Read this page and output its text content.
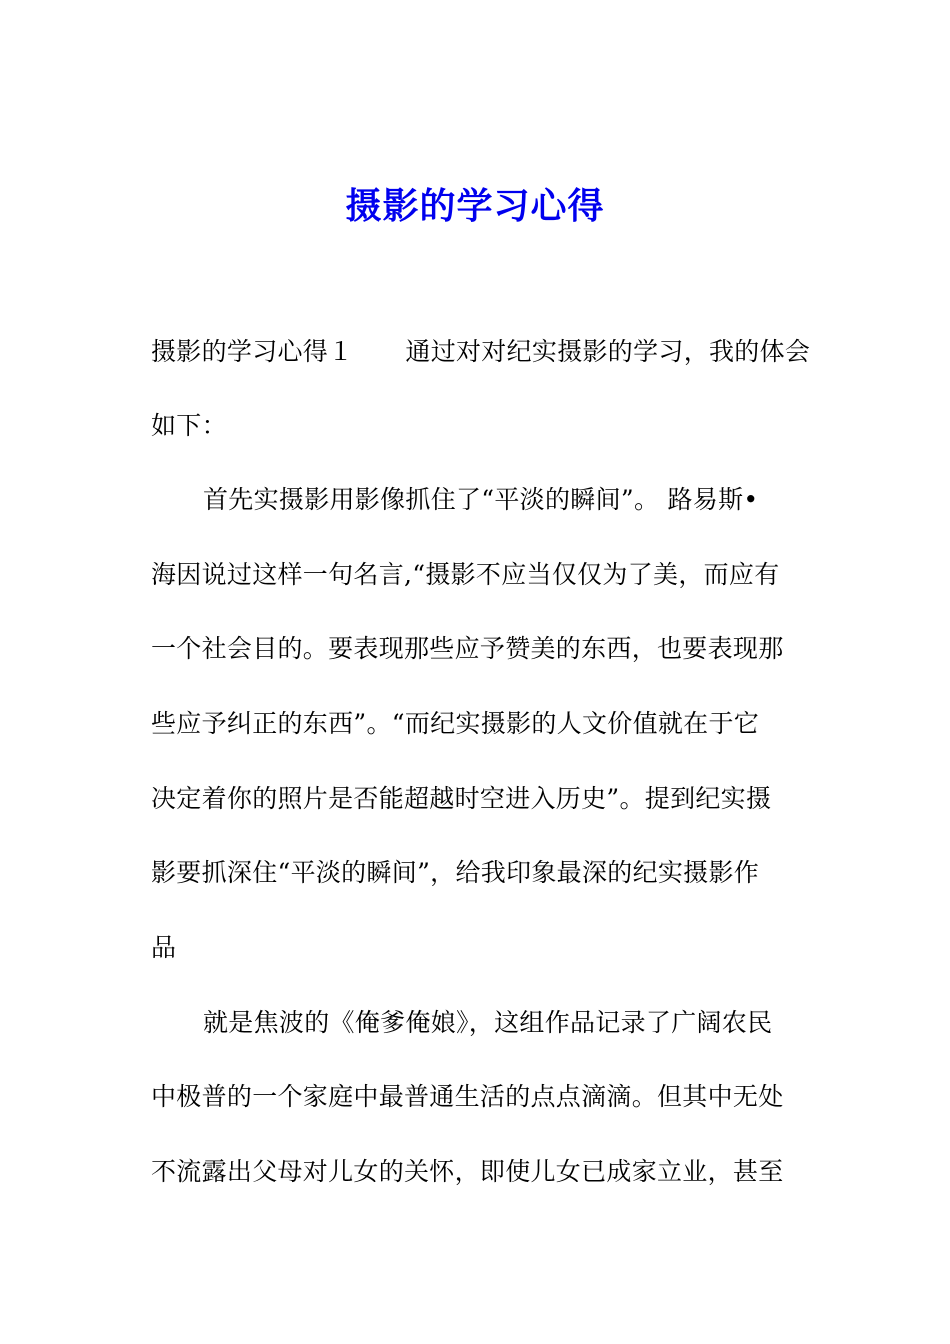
摄影的学习心得
摄影的学习心得１ 通过对对纪实摄影的学习，我的体会
如下：
首先实摄影用影像抓住了“平淡的瞬间”。 路易斯•
海因说过这样一句名言,“摄影不应当仅仅为了美，而应有
一个社会目的。要表现那些应予赞美的东西，也要表现那
些应予纠正的东西”。“而纪实摄影的人文价值就在于它
决定着你的照片是否能超越时空进入历史”。提到纪实摄
影要抓深住“平淡的瞬间”，给我印象最深的纪实摄影作
品
就是焦波的《俺爹俺娘》，这组作品记录了广阔农民
中极普的一个家庭中最普通生活的点点滴滴。但其中无处
不流露出父母对儿女的关怀，即使儿女已成家立业，甚至
